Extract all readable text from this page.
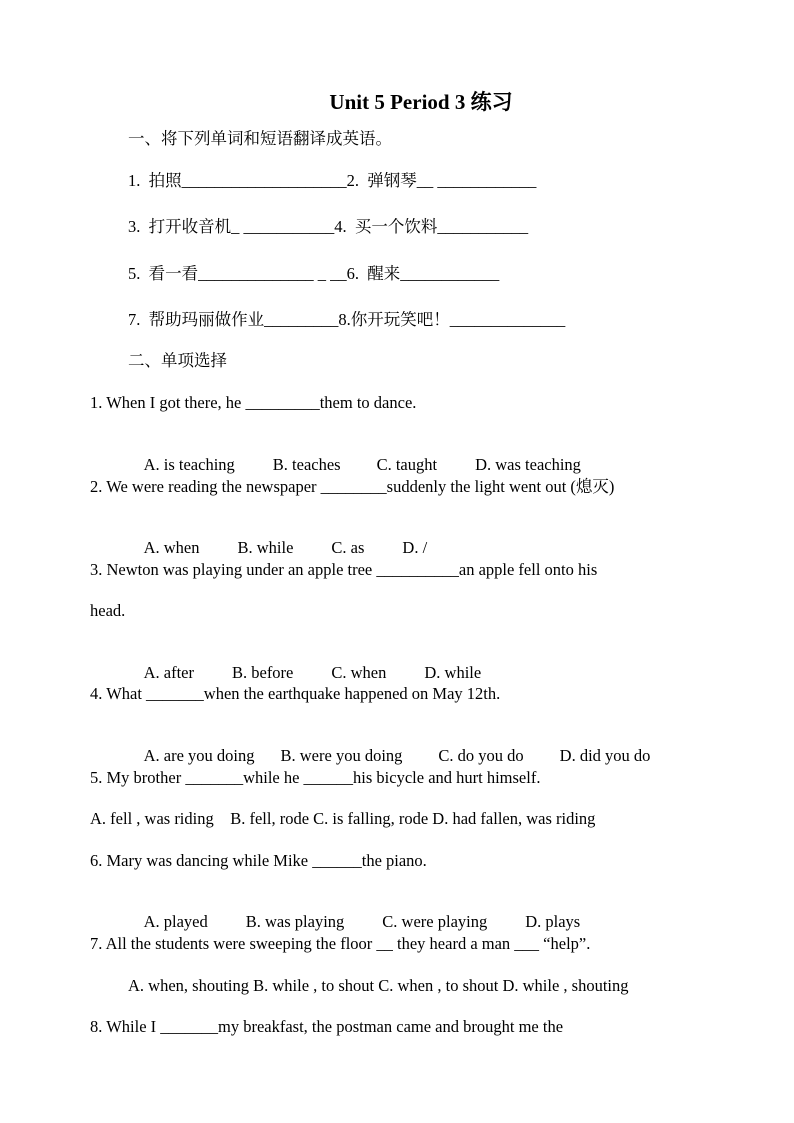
Unit 5 Period 3 练习
一、将下列单词和短语翻译成英语。
1.  拍照____________________2.  弹钢琴__ ____________
3.  打开收音机_ ___________4.  买一个饮料___________
5.  看一看______________ _ __6.  醒来____________
7.  帮助玛丽做作业_________8.你开玩笑吧！______________
二、单项选择
1. When I got there, he _________them to dance.

A. is teaching B. teaches C. taught D. was teaching

2. We were reading the newspaper ________suddenly the light went out (熄灭)

A. when B. while C. as D. /

3. Newton was playing under an apple tree __________an apple fell onto his
head.

A. after B. before C. when D. while

4. What _______when the earthquake happened on May 12th.

A. are you doing B. were you doing C. do you do D. did you do

5. My brother _______while he ______his bicycle and hurt himself.
A. fell , was riding    B. fell, rode C. is falling, rode D. had fallen, was riding
6. Mary was dancing while Mike ______the piano.

A. played B. was playing C. were playing D. plays

7. All the students were sweeping the floor __ they heard a man ___ “help”.
A. when, shouting B. while , to shout C. when , to shout D. while , shouting
8. While I _______my breakfast, the postman came and brought me the
